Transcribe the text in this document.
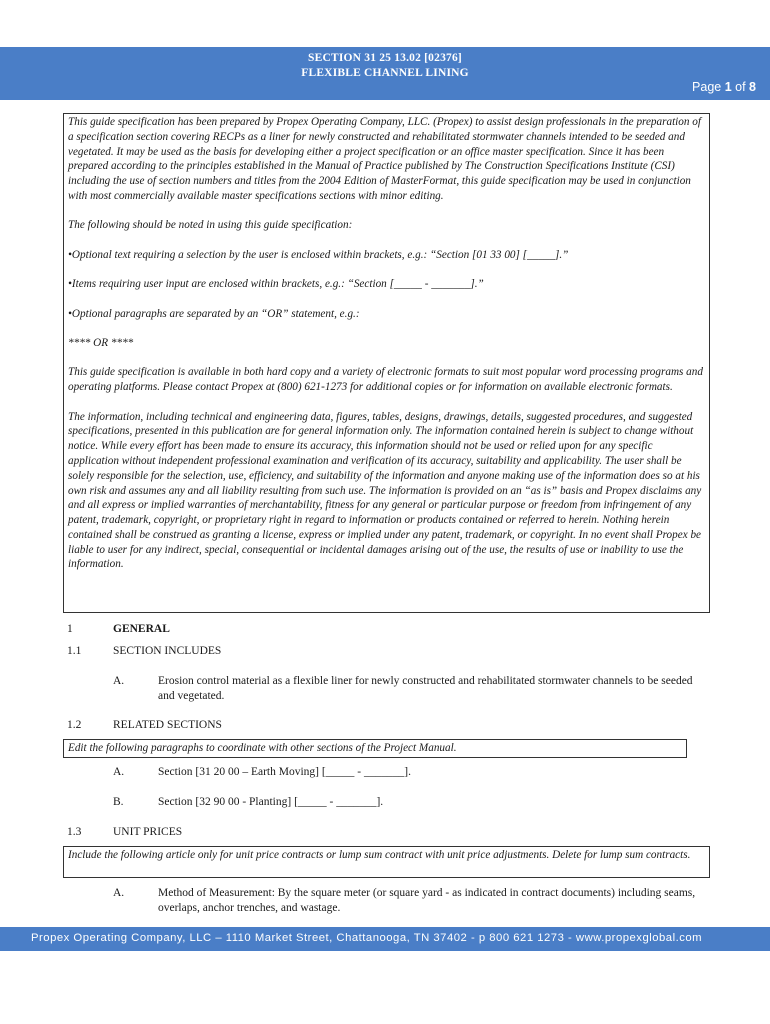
SECTION 31 25 13.02 [02376]
FLEXIBLE CHANNEL LINING
Page 1 of 8

This guide specification has been prepared by Propex Operating Company, LLC. (Propex) to assist design professionals in the preparation of a specification section covering RECPs as a liner for newly constructed and rehabilitated stormwater channels intended to be seeded and vegetated. It may be used as the basis for developing either a project specification or an office master specification. Since it has been prepared according to the principles established in the Manual of Practice published by The Construction Specifications Institute (CSI) including the use of section numbers and titles from the 2004 Edition of MasterFormat, this guide specification may be used in conjunction with most commercially available master specifications sections with minor editing.

The following should be noted in using this guide specification:

•Optional text requiring a selection by the user is enclosed within brackets, e.g.: “Section [01 33 00] [_____].”

•Items requiring user input are enclosed within brackets, e.g.: “Section [_____ - _______].”

•Optional paragraphs are separated by an “OR” statement, e.g.:

**** OR ****

This guide specification is available in both hard copy and a variety of electronic formats to suit most popular word processing programs and operating platforms. Please contact Propex at (800) 621-1273 for additional copies or for information on available electronic formats.

The information, including technical and engineering data, figures, tables, designs, drawings, details, suggested procedures, and suggested specifications, presented in this publication are for general information only. The information contained herein is subject to change without notice. While every effort has been made to ensure its accuracy, this information should not be used or relied upon for any specific application without independent professional examination and verification of its accuracy, suitability and applicability. The user shall be solely responsible for the selection, use, efficiency, and suitability of the information and anyone making use of the information does so at his own risk and assumes any and all liability resulting from such use. The information is provided on an “as is” basis and Propex disclaims any and all express or implied warranties of merchantability, fitness for any general or particular purpose or freedom from infringement of any patent, trademark, copyright, or proprietary right in regard to information or products contained or referred to herein. Nothing herein contained shall be construed as granting a license, express or implied under any patent, trademark, or copyright. In no event shall Propex be liable to user for any indirect, special, consequential or incidental damages arising out of the use, the results of use or inability to use the information.

1	GENERAL
1.1	SECTION INCLUDES
A.	Erosion control material as a flexible liner for newly constructed and rehabilitated stormwater channels to be seeded and vegetated.
1.2	RELATED SECTIONS
Edit the following paragraphs to coordinate with other sections of the Project Manual.
A.	Section [31 20 00 – Earth Moving] [_____ - _______].
B.	Section [32 90 00 - Planting] [_____ - _______].
1.3	UNIT PRICES
Include the following article only for unit price contracts or lump sum contract with unit price adjustments. Delete for lump sum contracts.
A.	Method of Measurement: By the square meter (or square yard - as indicated in contract documents) including seams, overlaps, anchor trenches, and wastage.
Propex Operating Company, LLC – 1110 Market Street, Chattanooga, TN 37402 - p 800 621 1273 - www.propexglobal.com
